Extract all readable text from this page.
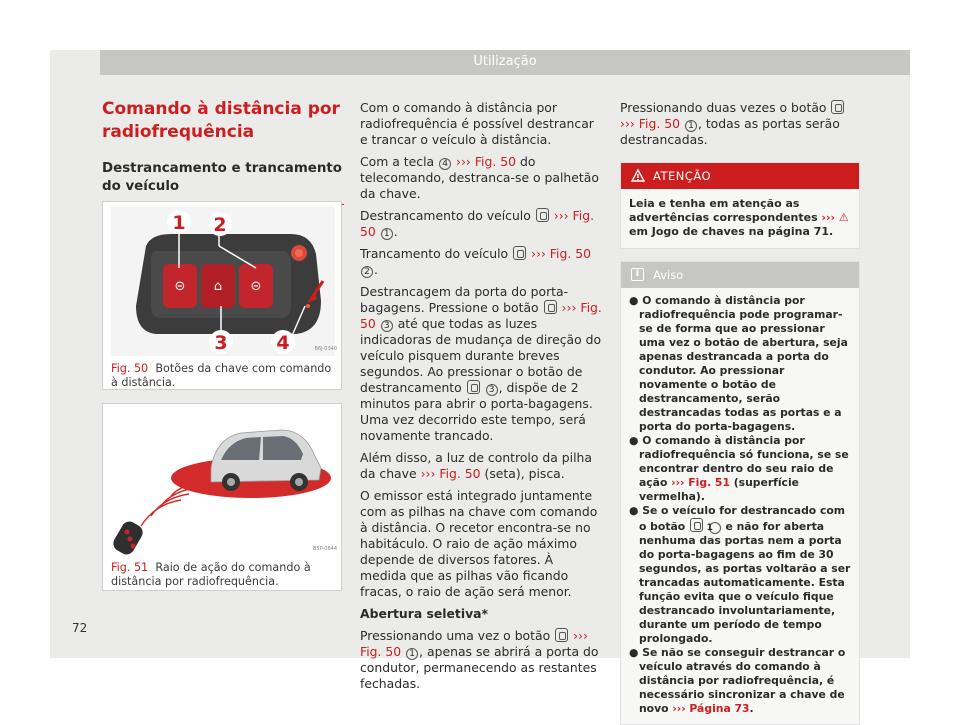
Utilização
Comando à distância por radiofrequência
Destrancamento e trancamento do veículo
⊝	⊝
⌂
1 2
3	4	B6J-0340
Fig. 50 Botões da chave com comando à distância.
B5P-0844
Fig. 51 Raio de ação do comando à distância por radiofrequência.

Com o comando à distância por radiofrequência é possível destrancar e trancar o veículo à distância.

Com a tecla 4 ››› Fig. 50 do telecomando, destranca-se o palhetão da chave.

Destrancamento do veículo ››› Fig. 50 1 .

Trancamento do veículo ››› Fig. 50 2 .

Destrancagem da porta do porta-bagagens. Pressione o botão ››› Fig. 50 3 até que todas as luzes indicadoras de mudança de direção do veículo pisquem durante breves segundos. Ao pressionar o botão de destrancamento	3 , dispõe de 2 minutos para abrir o porta-bagagens. Uma vez decorrido este tempo, será novamente trancado.

Além disso, a luz de controlo da pilha da chave ››› Fig. 50 (seta), pisca.

O emissor está integrado juntamente com as pilhas na chave com comando à distância. O recetor encontra-se no habitáculo. O raio de ação máximo depende de diversos fatores. À medida que as pilhas vão ficando fracas, o raio de ação será menor.

Abertura seletiva*

Pressionando uma vez o botão ››› Fig. 50 1 , apenas se abrirá a porta do condutor, permanecendo as restantes fechadas.

Pressionando duas vezes o botão  ››› Fig. 50 1 , todas as portas serão destrancadas.

ATENÇÃO
Leia e tenha em atenção as advertências correspondentes ››› ⚠ em Jogo de chaves na página 71.
i	Aviso

● O comando à distância por radiofrequência pode programar-se de forma que ao pressionar uma vez o botão de abertura, seja apenas destrancada a porta do condutor. Ao pressionar novamente o botão de destrancamento, serão destrancadas todas as portas e a porta do porta-bagagens.

● O comando à distância por radiofrequência só funciona, se se encontrar dentro do seu raio de ação ››› Fig. 51 (superfície vermelha).

● Se o veículo for destrancado com o botão 1 e não for aberta nenhuma das portas nem a porta do porta-bagagens ao fim de 30 segundos, as portas voltarão a ser trancadas automaticamente. Esta função evita que o veículo fique destrancado involuntariamente, durante um período de tempo prolongado.

● Se não se conseguir destrancar o veículo através do comando à distância por radiofrequência, é necessário sincronizar a chave de novo ››› Página 73.

72
